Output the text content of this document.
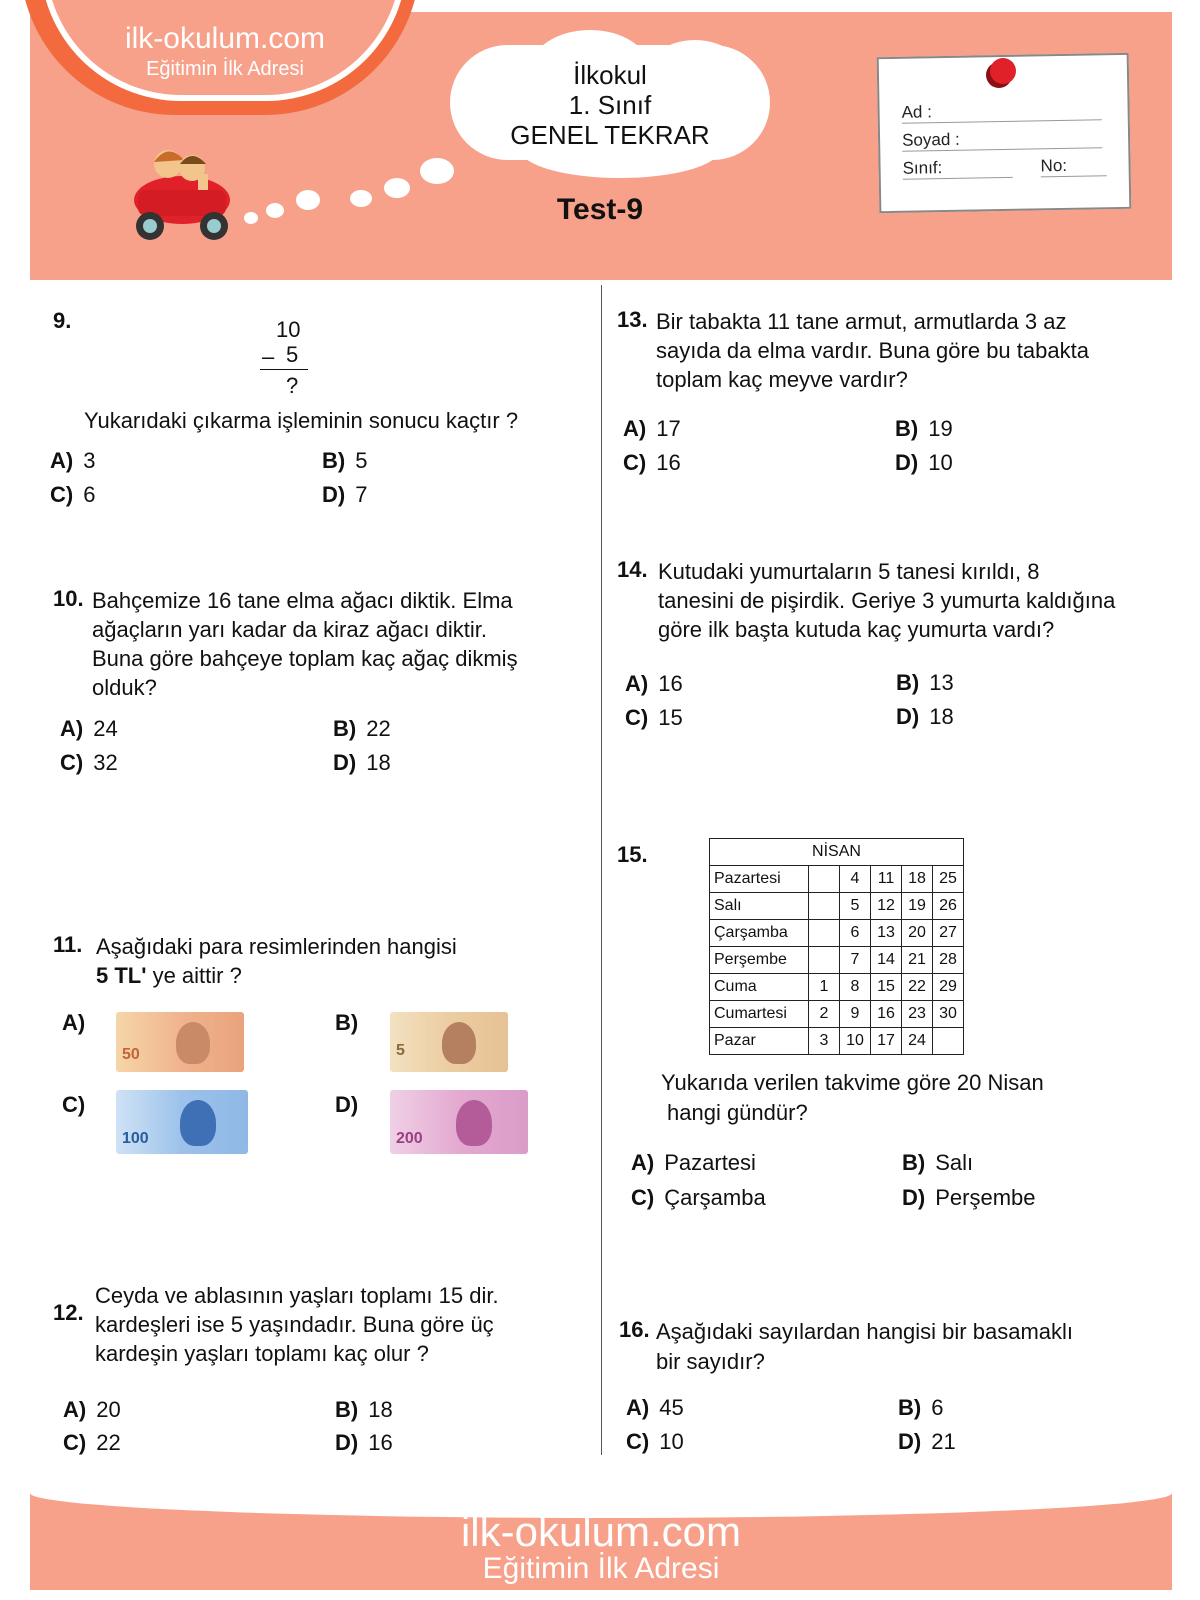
ilk-okulum.com
Eğitimin İlk Adresi	İlkokul
1. Sınıf
GENEL TEKRAR
Test-9
Ad :
Soyad :
Sınıf:	No:
9.	10
– 5
?
Yukarıdaki çıkarma işleminin sonucu kaçtır ?
A) 3	B) 5
C) 6	D) 7
10. Bahçemize 16 tane elma ağacı diktik. Elma
ağaçların yarı kadar da kiraz ağacı diktir.
Buna göre bahçeye toplam kaç ağaç dikmiş
olduk?
A) 24	B) 22
C) 32	D) 18
11. Aşağıdaki para resimlerinden hangisi
5 TL' ye aittir ?
A)
50
B)
5
C)
100
D)
200
12.
Ceyda ve ablasının yaşları toplamı 15 dir.
kardeşleri ise 5 yaşındadır. Buna göre üç
kardeşin yaşları toplamı kaç olur ?
A) 20	B) 18
C) 22	D) 16
13. Bir tabakta 11 tane armut, armutlarda 3 az
sayıda da elma vardır. Buna göre bu tabakta
toplam kaç meyve vardır?
A) 17	B) 19
C) 16	D) 10
14. Kutudaki yumurtaların 5 tanesi kırıldı, 8
tanesini de pişirdik. Geriye 3 yumurta kaldığına
göre ilk başta kutuda kaç yumurta vardı?
A) 16	B) 13
C) 15	D) 18
15.	NİSAN					
Pazartesi		4	11	18	25
Salı		5	12	19	26
Çarşamba		6	13	20	27
Perşembe		7	14	21	28
Cuma	1	8	15	22	29
Cumartesi	2	9	16	23	30
Pazar	3	10	17	24	
Yukarıda verilen takvime göre 20 Nisan
hangi gündür?
A) Pazartesi	B) Salı
C) Çarşamba	D) Perşembe
16. Aşağıdaki sayılardan hangisi bir basamaklı
bir sayıdır?
A) 45	B) 6
C) 10	D) 21
ilk-okulum.com
Eğitimin İlk Adresi
